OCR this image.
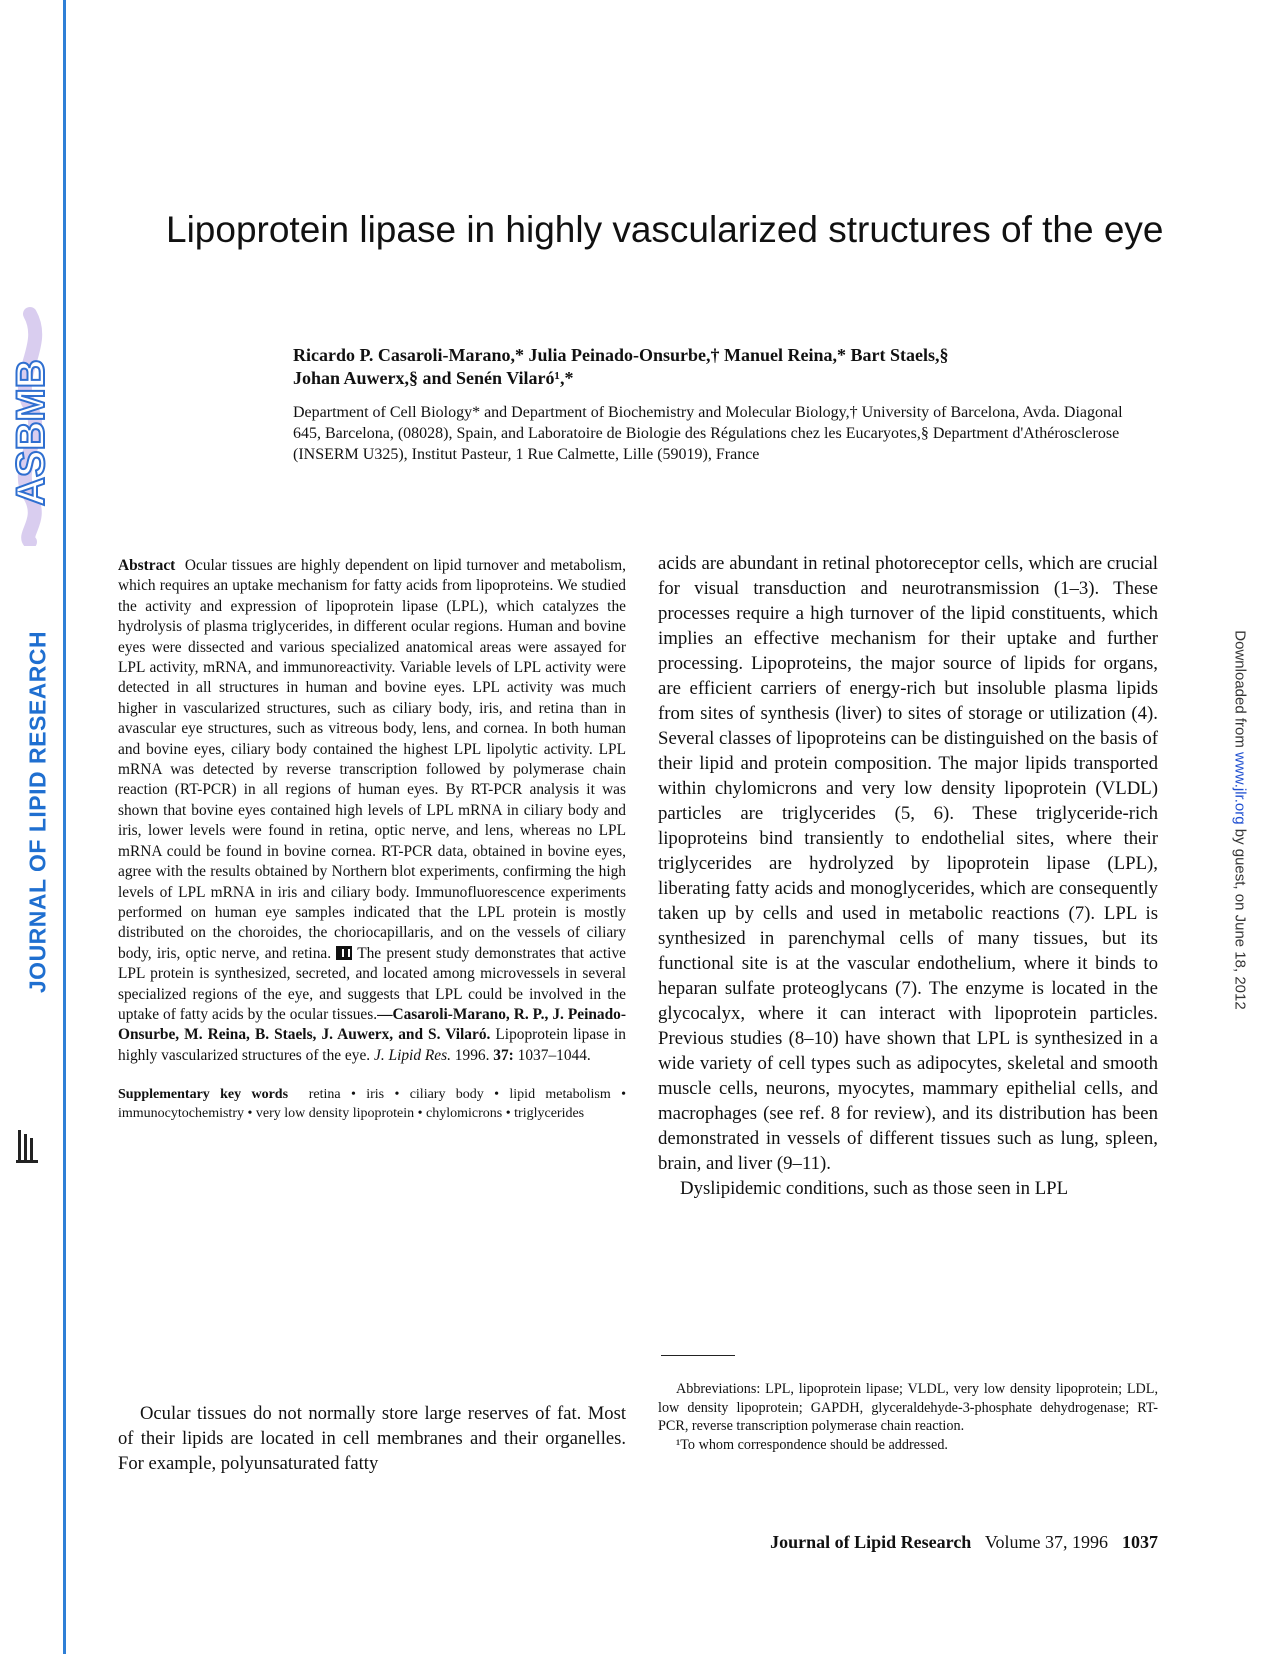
ASBMB
JOURNAL OF LIPID RESEARCH	Downloaded from www.jlr.org by guest, on June 18, 2012
Lipoprotein lipase in highly vascularized structures of the eye
Ricardo P. Casaroli-Marano,* Julia Peinado-Onsurbe,† Manuel Reina,* Bart Staels,§
Johan Auwerx,§ and Senén Vilaró¹,*
Department of Cell Biology* and Department of Biochemistry and Molecular Biology,† University of Barcelona, Avda. Diagonal 645, Barcelona, (08028), Spain, and Laboratoire de Biologie des Régulations chez les Eucaryotes,§ Department d'Athérosclerose (INSERM U325), Institut Pasteur, 1 Rue Calmette, Lille (59019), France

Abstract Ocular tissues are highly dependent on lipid turnover and metabolism, which requires an uptake mechanism for fatty acids from lipoproteins. We studied the activity and expression of lipoprotein lipase (LPL), which catalyzes the hydrolysis of plasma triglycerides, in different ocular regions. Human and bovine eyes were dissected and various specialized anatomical areas were assayed for LPL activity, mRNA, and immunoreactivity. Variable levels of LPL activity were detected in all structures in human and bovine eyes. LPL activity was much higher in vascularized structures, such as ciliary body, iris, and retina than in avascular eye structures, such as vitreous body, lens, and cornea. In both human and bovine eyes, ciliary body contained the highest LPL lipolytic activity. LPL mRNA was detected by reverse transcription followed by polymerase chain reaction (RT-PCR) in all regions of human eyes. By RT-PCR analysis it was shown that bovine eyes contained high levels of LPL mRNA in ciliary body and iris, lower levels were found in retina, optic nerve, and lens, whereas no LPL mRNA could be found in bovine cornea. RT-PCR data, obtained in bovine eyes, agree with the results obtained by Northern blot experiments, confirming the high levels of LPL mRNA in iris and ciliary body. Immunofluorescence experiments performed on human eye samples indicated that the LPL protein is mostly distributed on the choroides, the choriocapillaris, and on the vessels of ciliary body, iris, optic nerve, and retina. The present study demonstrates that active LPL protein is synthesized, secreted, and located among microvessels in several specialized regions of the eye, and suggests that LPL could be involved in the uptake of fatty acids by the ocular tissues.—Casaroli-Marano, R. P., J. Peinado-Onsurbe, M. Reina, B. Staels, J. Auwerx, and S. Vilaró. Lipoprotein lipase in highly vascularized structures of the eye. J. Lipid Res. 1996. 37: 1037–1044.

Supplementary key words retina • iris • ciliary body • lipid metabolism • immunocytochemistry • very low density lipoprotein • chylomicrons • triglycerides

Ocular tissues do not normally store large reserves of fat. Most of their lipids are located in cell membranes and their organelles. For example, polyunsaturated fatty

acids are abundant in retinal photoreceptor cells, which are crucial for visual transduction and neurotransmission (1–3). These processes require a high turnover of the lipid constituents, which implies an effective mechanism for their uptake and further processing. Lipoproteins, the major source of lipids for organs, are efficient carriers of energy-rich but insoluble plasma lipids from sites of synthesis (liver) to sites of storage or utilization (4). Several classes of lipoproteins can be distinguished on the basis of their lipid and protein composition. The major lipids transported within chylomicrons and very low density lipoprotein (VLDL) particles are triglycerides (5, 6). These triglyceride-rich lipoproteins bind transiently to endothelial sites, where their triglycerides are hydrolyzed by lipoprotein lipase (LPL), liberating fatty acids and monoglycerides, which are consequently taken up by cells and used in metabolic reactions (7). LPL is synthesized in parenchymal cells of many tissues, but its functional site is at the vascular endothelium, where it binds to heparan sulfate proteoglycans (7). The enzyme is located in the glycocalyx, where it can interact with lipoprotein particles. Previous studies (8–10) have shown that LPL is synthesized in a wide variety of cell types such as adipocytes, skeletal and smooth muscle cells, neurons, myocytes, mammary epithelial cells, and macrophages (see ref. 8 for review), and its distribution has been demonstrated in vessels of different tissues such as lung, spleen, brain, and liver (9–11).

Dyslipidemic conditions, such as those seen in LPL

Abbreviations: LPL, lipoprotein lipase; VLDL, very low density lipoprotein; LDL, low density lipoprotein; GAPDH, glyceraldehyde-3-phosphate dehydrogenase; RT-PCR, reverse transcription polymerase chain reaction.

¹To whom correspondence should be addressed.

Journal of Lipid Research Volume 37, 1996 1037
